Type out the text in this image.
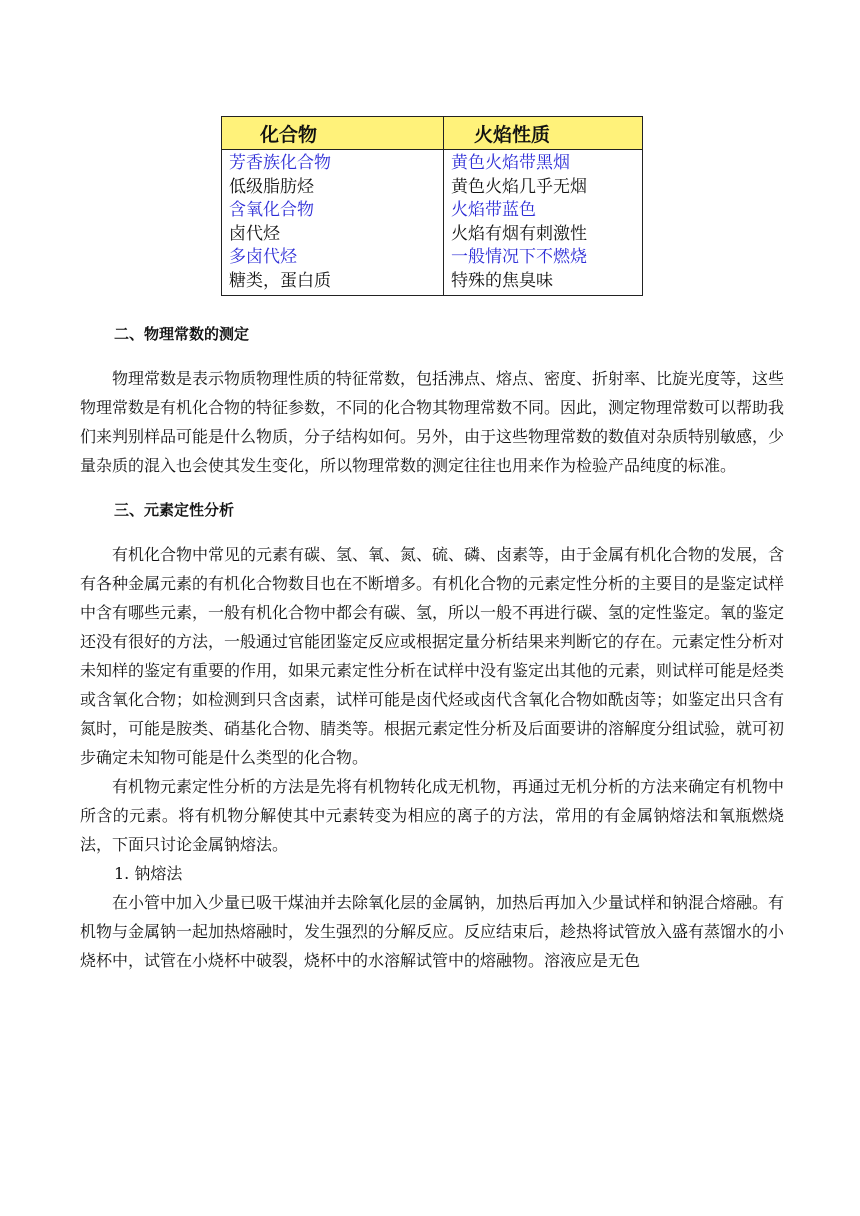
化合物	火焰性质
芳香族化合物	黄色火焰带黑烟
低级脂肪烃	黄色火焰几乎无烟
含氧化合物	火焰带蓝色
卤代烃	火焰有烟有刺激性
多卤代烃	一般情况下不燃烧
糖类，蛋白质	特殊的焦臭味

二、物理常数的测定

物理常数是表示物质物理性质的特征常数，包括沸点、熔点、密度、折射率、比旋光度等，这些物理常数是有机化合物的特征参数，不同的化合物其物理常数不同。因此，测定物理常数可以帮助我们来判别样品可能是什么物质，分子结构如何。另外，由于这些物理常数的数值对杂质特别敏感，少量杂质的混入也会使其发生变化，所以物理常数的测定往往也用来作为检验产品纯度的标准。

三、元素定性分析

有机化合物中常见的元素有碳、氢、氧、氮、硫、磷、卤素等，由于金属有机化合物的发展，含有各种金属元素的有机化合物数目也在不断增多。有机化合物的元素定性分析的主要目的是鉴定试样中含有哪些元素，一般有机化合物中都会有碳、氢，所以一般不再进行碳、氢的定性鉴定。氧的鉴定还没有很好的方法，一般通过官能团鉴定反应或根据定量分析结果来判断它的存在。元素定性分析对未知样的鉴定有重要的作用，如果元素定性分析在试样中没有鉴定出其他的元素，则试样可能是烃类或含氧化合物；如检测到只含卤素，试样可能是卤代烃或卤代含氧化合物如酰卤等；如鉴定出只含有氮时，可能是胺类、硝基化合物、腈类等。根据元素定性分析及后面要讲的溶解度分组试验，就可初步确定未知物可能是什么类型的化合物。

有机物元素定性分析的方法是先将有机物转化成无机物，再通过无机分析的方法来确定有机物中所含的元素。将有机物分解使其中元素转变为相应的离子的方法，常用的有金属钠熔法和氧瓶燃烧法，下面只讨论金属钠熔法。

1. 钠熔法

在小管中加入少量已吸干煤油并去除氧化层的金属钠，加热后再加入少量试样和钠混合熔融。有机物与金属钠一起加热熔融时，发生强烈的分解反应。反应结束后，趁热将试管放入盛有蒸馏水的小烧杯中，试管在小烧杯中破裂，烧杯中的水溶解试管中的熔融物。溶液应是无色
